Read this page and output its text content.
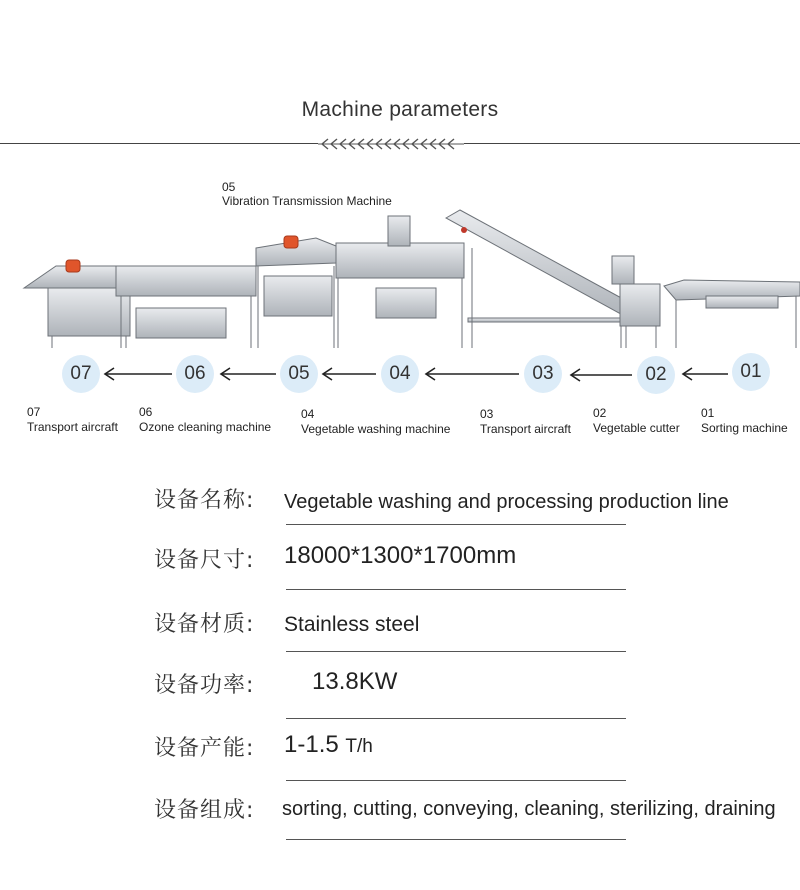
Machine parameters
05
Vibration Transmission Machine
07	06	05	04	03	02	01
07
Transport aircraft
06
Ozone cleaning machine
04
Vegetable washing machine
03
Transport aircraft
02
Vegetable cutter
01
Sorting machine
设备名称: Vegetable washing and processing production line
设备尺寸: 18000*1300*1700mm
设备材质: Stainless steel
设备功率: 13.8KW
设备产能: 1-1.5 T/h
设备组成: sorting, cutting, conveying, cleaning, sterilizing, draining
